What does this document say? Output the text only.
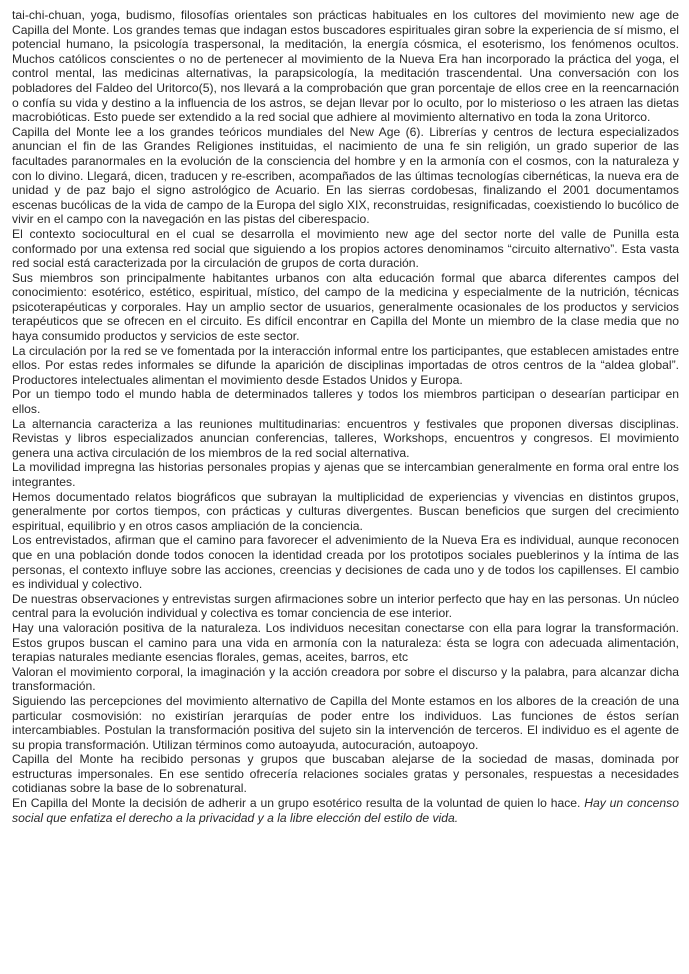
tai-chi-chuan, yoga, budismo, filosofías orientales son prácticas habituales en los cultores del movimiento new age de Capilla del Monte. Los grandes temas que indagan estos buscadores espirituales giran sobre la experiencia de sí mismo, el potencial humano, la psicología traspersonal, la meditación, la energía cósmica, el esoterismo, los fenómenos ocultos. Muchos católicos conscientes o no de pertenecer al movimiento de la Nueva Era han incorporado la práctica del yoga, el control mental, las medicinas alternativas, la parapsicología, la meditación trascendental. Una conversación con los pobladores del Faldeo del Uritorco(5), nos llevará a la comprobación que gran porcentaje de ellos cree en la reencarnación o confía su vida y destino a la influencia de los astros, se dejan llevar por lo oculto, por lo misterioso o les atraen las dietas macrobióticas. Esto puede ser extendido a la red social que adhiere al movimiento alternativo en toda la zona Uritorco.

Capilla del Monte lee a los grandes teóricos mundiales del New Age (6). Librerías y centros de lectura especializados anuncian el fin de las Grandes Religiones instituidas, el nacimiento de una fe sin religión, un grado superior de las facultades paranormales en la evolución de la consciencia del hombre y en la armonía con el cosmos, con la naturaleza y con lo divino. Llegará, dicen, traducen y re-escriben, acompañados de las últimas tecnologías cibernéticas, la nueva era de unidad y de paz bajo el signo astrológico de Acuario. En las sierras cordobesas, finalizando el 2001 documentamos escenas bucólicas de la vida de campo de la Europa del siglo XIX, reconstruidas, resignificadas, coexistiendo lo bucólico de vivir en el campo con la navegación en las pistas del ciberespacio.

El contexto sociocultural en el cual se desarrolla el movimiento new age del sector norte del valle de Punilla esta conformado por una extensa red social que siguiendo a los propios actores denominamos “circuito alternativo”. Esta vasta red social está caracterizada por la circulación de grupos de corta duración.

Sus miembros son principalmente habitantes urbanos con alta educación formal que abarca diferentes campos del conocimiento: esotérico, estético, espiritual, místico, del campo de la medicina y especialmente de la nutrición, técnicas psicoterapéuticas y corporales. Hay un amplio sector de usuarios, generalmente ocasionales de los productos y servicios terapéuticos que se ofrecen en el circuito. Es difícil encontrar en Capilla del Monte un miembro de la clase media que no haya consumido productos y servicios de este sector.

La circulación por la red se ve fomentada por la interacción informal entre los participantes, que establecen amistades entre ellos. Por estas redes informales se difunde la aparición de disciplinas importadas de otros centros de la “aldea global”. Productores intelectuales alimentan el movimiento desde Estados Unidos y Europa.

Por un tiempo todo el mundo habla de determinados talleres y todos los miembros participan o desearían participar en ellos.

La alternancia caracteriza a las reuniones multitudinarias: encuentros y festivales que proponen diversas disciplinas. Revistas y libros especializados anuncian conferencias, talleres, Workshops, encuentros y congresos. El movimiento genera una activa circulación de los miembros de la red social alternativa.

La movilidad impregna las historias personales propias y ajenas que se intercambian generalmente en forma oral entre los integrantes.

Hemos documentado relatos biográficos que subrayan la multiplicidad de experiencias y vivencias en distintos grupos, generalmente por cortos tiempos, con prácticas y culturas divergentes. Buscan beneficios que surgen del crecimiento espiritual, equilibrio y en otros casos ampliación de la conciencia.

Los entrevistados, afirman que el camino para favorecer el advenimiento de la Nueva Era es individual, aunque reconocen que en una población donde todos conocen la identidad creada por los prototipos sociales pueblerinos y la íntima de las personas, el contexto influye sobre las acciones, creencias y decisiones de cada uno y de todos los capillenses. El cambio es individual y colectivo.

De nuestras observaciones y entrevistas surgen afirmaciones sobre un interior perfecto que hay en las personas. Un núcleo central para la evolución individual y colectiva es tomar conciencia de ese interior.

Hay una valoración positiva de la naturaleza. Los individuos necesitan conectarse con ella para lograr la transformación. Estos grupos buscan el camino para una vida en armonía con la naturaleza: ésta se logra con adecuada alimentación, terapias naturales mediante esencias florales, gemas, aceites, barros, etc

Valoran el movimiento corporal, la imaginación y la acción creadora por sobre el discurso y la palabra, para alcanzar dicha transformación.

Siguiendo las percepciones del movimiento alternativo de Capilla del Monte estamos en los albores de la creación de una particular cosmovisión: no existirían jerarquías de poder entre los individuos. Las funciones de éstos serían intercambiables. Postulan la transformación positiva del sujeto sin la intervención de terceros. El individuo es el agente de su propia transformación. Utilizan términos como autoayuda, autocuración, autoapoyo.

Capilla del Monte ha recibido personas y grupos que buscaban alejarse de la sociedad de masas, dominada por estructuras impersonales. En ese sentido ofrecería relaciones sociales gratas y personales, respuestas a necesidades cotidianas sobre la base de lo sobrenatural.

En Capilla del Monte la decisión de adherir a un grupo esotérico resulta de la voluntad de quien lo hace. Hay un concenso social que enfatiza el derecho a la privacidad y a la libre elección del estilo de vida.
